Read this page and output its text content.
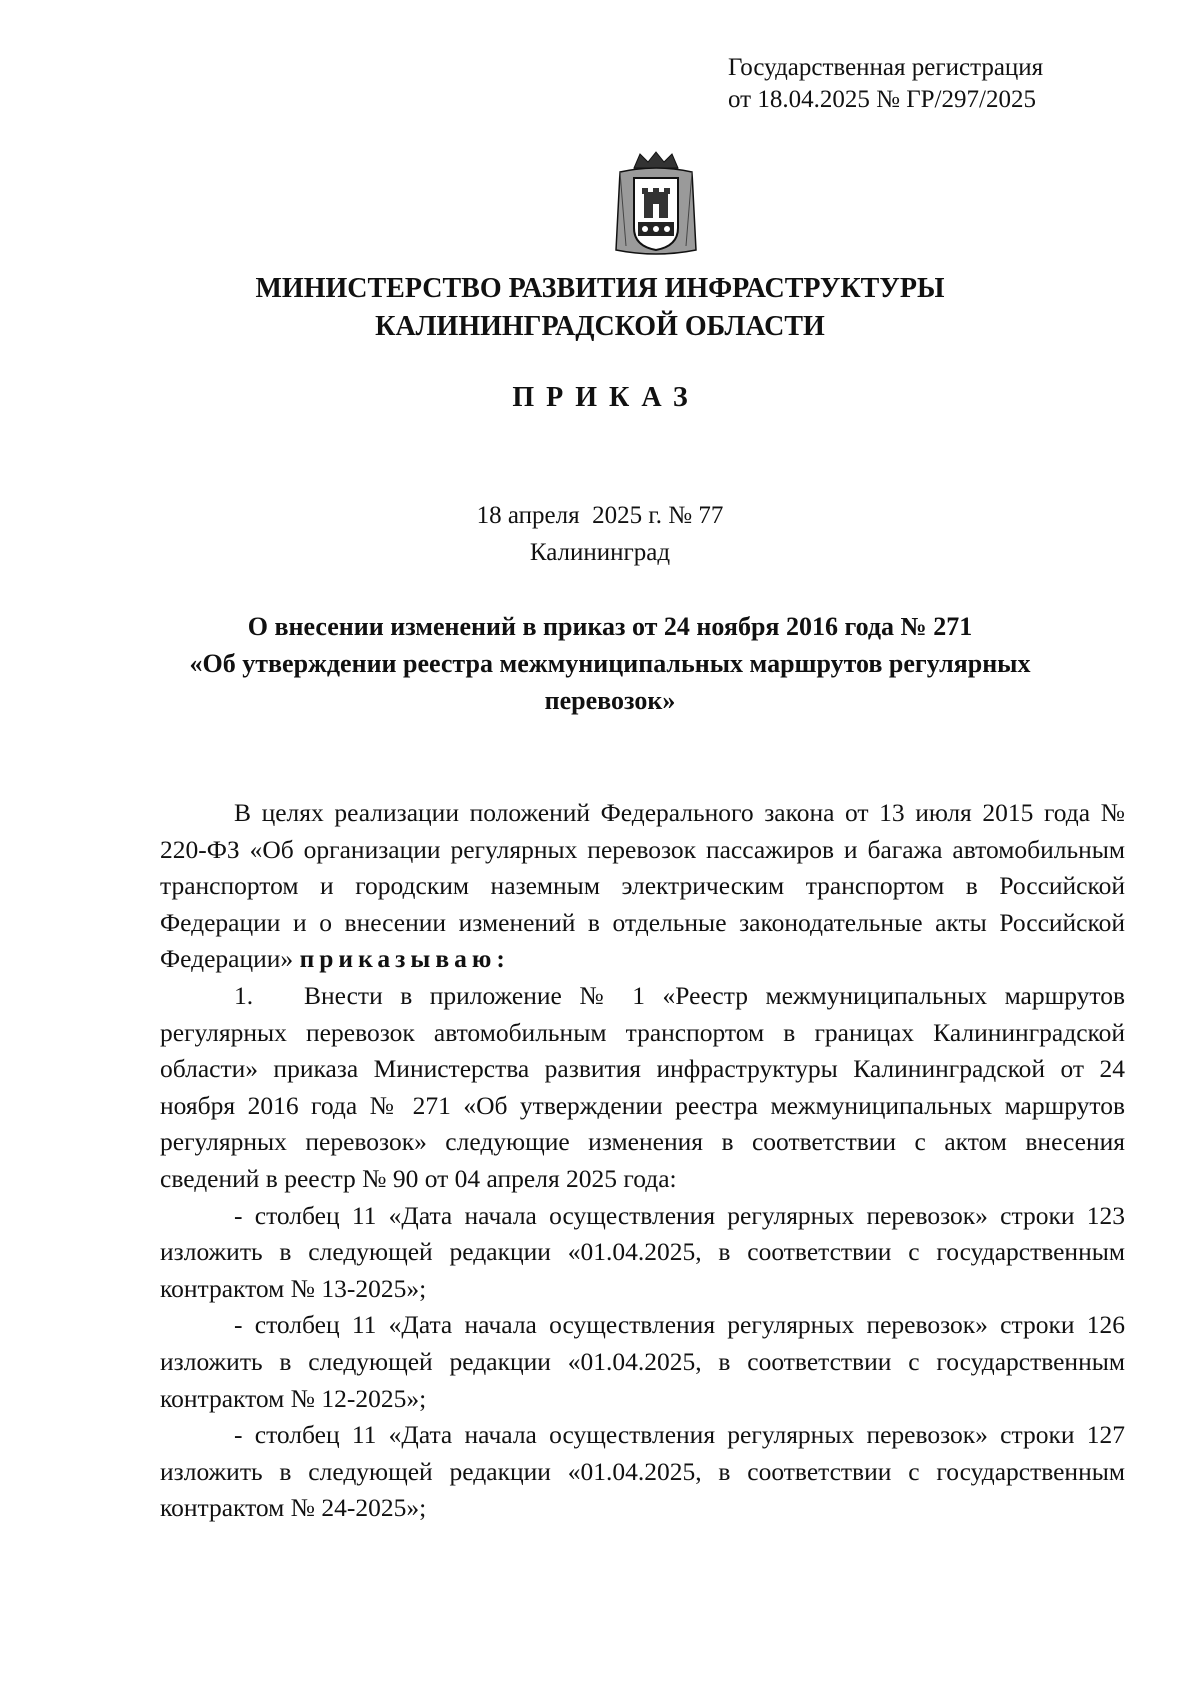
Государственная регистрация
от 18.04.2025 № ГР/297/2025
МИНИСТЕРСТВО РАЗВИТИЯ ИНФРАСТРУКТУРЫ
КАЛИНИНГРАДСКОЙ ОБЛАСТИ
ПРИКАЗ
18 апреля  2025 г. № 77
Калининград
О внесении изменений в приказ от 24 ноября 2016 года № 271
«Об утверждении реестра межмуниципальных маршрутов регулярных перевозок»

В целях реализации положений Федерального закона от 13 июля 2015 года № 220-ФЗ «Об организации регулярных перевозок пассажиров и багажа автомобильным транспортом и городским наземным электрическим транспортом в Российской Федерации и о внесении изменений в отдельные законодательные акты Российской Федерации» приказываю:

1. Внести в приложение № 1 «Реестр межмуниципальных маршрутов регулярных перевозок автомобильным транспортом в границах Калининградской области» приказа Министерства развития инфраструктуры Калининградской от 24 ноября 2016 года № 271 «Об утверждении реестра межмуниципальных маршрутов регулярных перевозок» следующие изменения в соответствии с актом внесения сведений в реестр № 90 от 04 апреля 2025 года:

- столбец 11 «Дата начала осуществления регулярных перевозок» строки 123 изложить в следующей редакции «01.04.2025, в соответствии с государственным контрактом № 13-2025»;

- столбец 11 «Дата начала осуществления регулярных перевозок» строки 126 изложить в следующей редакции «01.04.2025, в соответствии с государственным контрактом № 12-2025»;

- столбец 11 «Дата начала осуществления регулярных перевозок» строки 127 изложить в следующей редакции «01.04.2025, в соответствии с государственным контрактом № 24-2025»;
